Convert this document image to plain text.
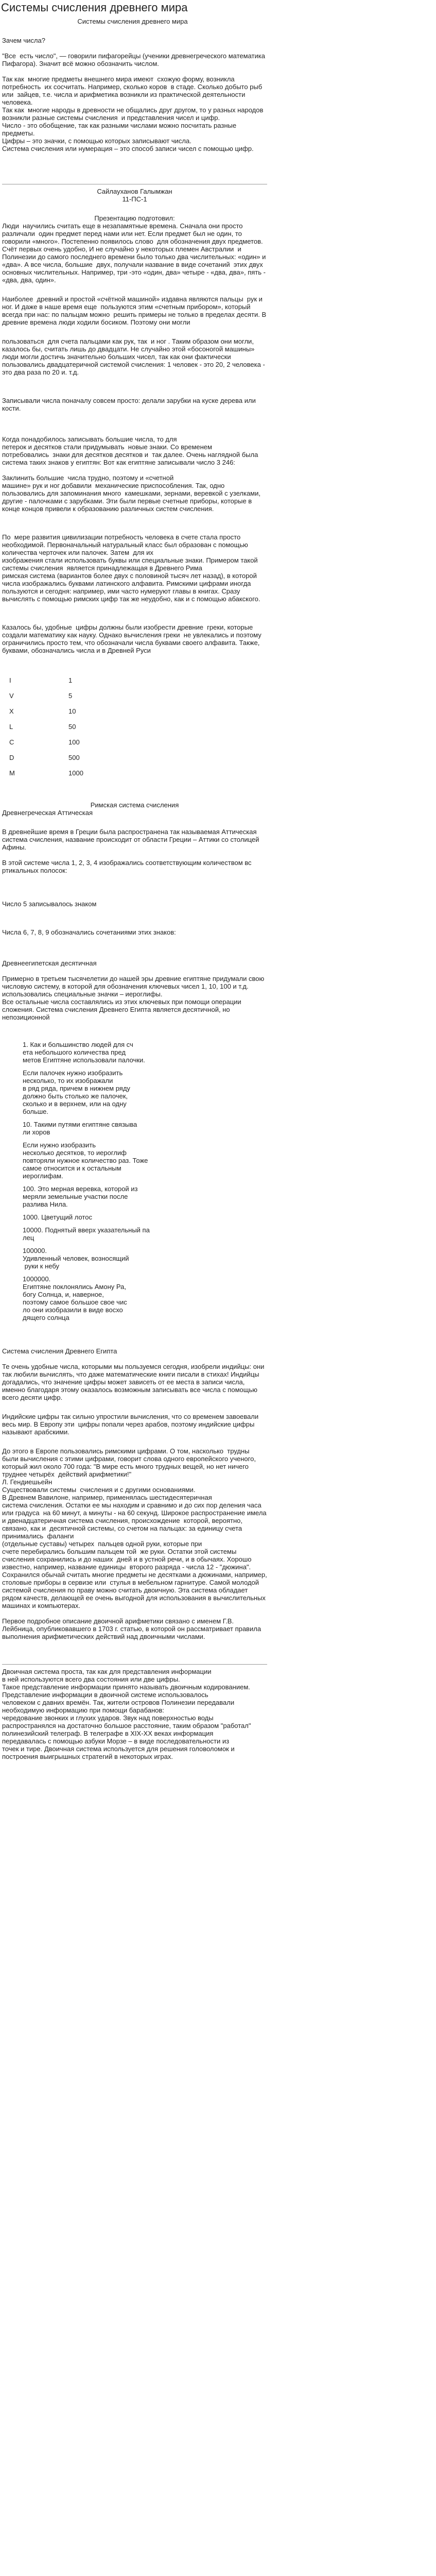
Системы счисления древнего мира
Системы счисления древнего мира

Зачем числа?

"Все  есть число", — говорили пифагорейцы (ученики древнегреческого математика Пифагора). Значит всё можно обозначить числом.

Так как  многие предметы внешнего мира имеют  схожую форму, возникла потребность  их сосчитать. Например, сколько коров  в стаде. Сколько добыто рыб или  зайцев, т.е. числа и арифметика возникли из практической деятельности человека.

Так как  многие народы в древности не общались друг другом, то у разных народов  возникли разные системы счисления  и представления чисел и цифр.

Число - это обобщение, так как разными числами можно посчитать разные предметы.

Цифры – это значки, с помощью которых записывают числа.

Система счисления или нумерация – это способ записи чисел с помощью цифр.

Сайлауханов Галымжан

11-ПС-1

Презентацию подготовил:

Люди  научились считать еще в незапамятные времена. Сначала они просто различали  один предмет перед нами или нет. Если предмет был не один, то говорили «много». Постепенно появилось слово  для обозначения двух предметов. Счёт первых очень удобно, И не случайно у некоторых племен Австралии  и Полинезии до самого последнего времени было только два числительных: «один» и «два». А все числа, большие  двух, получали название в виде сочетаний  этих двух основных числительных. Например, три -это «один, два» четыре - «два, два», пять - «два, два, один».

Наиболее  древний и простой «счётной машиной» издавна являются пальцы  рук и  ног. И даже в наше время еще  пользуются этим «счетным прибором», который  всегда при нас: по пальцам можно  решить примеры не только в пределах десяти. В древние времена люди ходили босиком. Поэтому они могли

пользоваться  для счета пальцами как рук, так  и ног . Таким образом они могли, казалось бы, считать лишь до двадцати. Не случайно этой «босоногой машины»  люди могли достичь значительно больших чисел, так как они фактически пользовались двадцатеричной системой счисления: 1 человек - это 20, 2 человека - это два раза по 20 и. т.д.

Записывали числа поначалу совсем просто: делали зарубки на куске дерева или кости.

Когда понадобилось записывать большие числа, то для
петерок и десятков стали придумывать  новые знаки. Со временем
потребовались  знаки для десятков десятков и  так далее. Очень наглядной была система таких знаков у египтян: Вот как египтяне записывали число 3 246:

Заклинить большие  числа трудно, поэтому и «счетной
машине» рук и ног добавили  механические приспособления. Так, одно
пользовались для запоминания много  камешками, зернами, веревкой с узелками, другие - палочками с зарубками. Эти были первые счетные приборы, которые в конце концов привели к образованию различных систем счисления.

По  мере развития цивилизации потребность человека в счете стала просто необходимой. Первоначальный натуральный класс был образован с помощью количества черточек или палочек. Затем  для их
изображения стали использовать буквы или специальные знаки. Примером такой системы счисления  является принадлежащая в Древнего Рима
римская система (вариантов более двух с половиной тысяч лет назад), в которой числа изображались буквами латинского алфавита. Римскими цифрами иногда пользуются и сегодня: например, ими часто нумеруют главы в книгах. Сразу вычислять с помощью римских цифр так же неудобно, как и с помощью абакского.

Казалось бы, удобные  цифры должны были изобрести древние  греки, которые создали математику как науку. Однако вычисления греки  не увлекались и поэтому ограничились просто тем, что обозначали числа буквами своего алфавита. Также, буквами, обозначались числа и в Древней Руси

I	1
V	5
X	10
L	50
C	100
D	500
M	1000

Римская система счисления

Древнегреческая Аттическая

В древнейшие время в Греции была распространена так называемая Аттическая система счисления, название происходит от области Греции – Аттики со столицей Афины.

В этой системе числа 1, 2, 3, 4 изображались соответствующим количеством вс ртикальных полосок:

Число 5 записывалось знаком

Числа 6, 7, 8, 9 обозначались сочетаниями этих знаков:

Древнеегипетская десятичная

Примерно в третьем тысячелетии до нашей эры древние египтяне придумали свою числовую систему, в которой для обозначения ключевых чисел 1, 10, 100 и т.д. использовались специальные значки – иероглифы.

Все остальные числа составлялись из этих ключевых при помощи операции сложения. Система счисления Древнего Египта является десятичной, но непозиционной

1. Как и большинство людей для сч
ета небольшого количества пред
метов Египтяне использовали палочки.

Если палочек нужно изобразить
несколько, то их изображали
в ряд ряда, причем в нижнем ряду
должно быть столько же палочек,
сколько и в верхнем, или на одну
больше.

10. Такими путями египтяне связыва
ли хоров

Если нужно изобразить
несколько десятков, то иероглиф
повторяли нужное количество раз. Тоже
самое относится и к остальным
иероглифам.

100. Это мерная веревка, которой из
меряли земельные участки после
разлива Нила.

1000. Цветущий лотос

10000. Поднятый вверх указательный па
лец

100000.
Удивленный человек, возносящий
руки к небу

1000000.
Египтяне поклонялись Амону Ра,
богу Солнца, и, наверное,
поэтому самое большое свое чис
ло они изобразили в виде восхо
дящего солнца

Система счисления Древнего Египта

Те очень удобные числа, которыми мы пользуемся сегодня, изобрели индийцы: они так любили вычислять, что даже математические книги писали в стихах! Индийцы догадались, что значение цифры может зависеть от ее места в записи числа, именно благодаря этому оказалось возможным записывать все числа с помощью всего десяти цифр.

Индийские цифры так сильно упростили вычисления, что со временем завоевали весь мир. В Европу эти  цифры попали через арабов, поэтому индийские цифры называют арабскими.

До этого в Европе пользовались римскими цифрами. О том, насколько  трудны были вычисления с этими цифрами, говорит слова одного европейского ученого, который жил около 700 года: "В мире есть много трудных вещей, но нет ничего труднее четырёх  действий арифметики!"

Л. Гендиешьейн

Существовали системы  счисления и с другими основаниями.

В Древнем Вавилоне, например, применялась шестидесятеричная
система счисления. Остатки ее мы находим и сравнимо и до сих пор деления часа или градуса  на 60 минут, а минуты - на 60 секунд. Широкое распространение имела и двенадцатеричная система счисления, происхождение  которой, вероятно, связано, как и  десятичной системы, со счетом на пальцах: за единицу счета принимались  фаланги
(отдельные суставы) четырех  пальцев одной руки, которые при
счете перебирались большим пальцем той  же руки. Остатки этой системы счисления сохранились и до наших  дней и в устной речи, и в обычаях. Хорошо известно, например, название единицы  второго разряда - числа 12 - "дюжина". Сохранился обычай считать многие предметы не десятками а дюжинами, например, столовые приборы в сервизе или  стулья в мебельном гарнитуре. Самой молодой системой счисления по праву можно считать двоичную. Эта система обладает рядом качеств, делающей ее очень выгодной для использования в вычислительных машинах и компьютерах.

Первое подробное описание двоичной арифметики связано с именем Г.В. Лейбница, опубликовавшего в 1703 г. статью, в которой он рассматривает правила выполнения арифметических действий над двоичными числами.

Двоичная система проста, так как для представления информации
в ней используются всего два состояния или две цифры.
Такое представление информации принято называть двоичным кодированием.
Представление информации в двоичной системе использовалось
человеком с давних времён. Так, жители островов Полинезии передавали
необходимую информацию при помощи барабанов:
чередование звонких и глухих ударов. Звук над поверхностью воды
распространялся на достаточно большое расстояние, таким образом "работал"
полинезийский телеграф. В телеграфе в XIX-XX веках информация
передавалась с помощью азбуки Морзе – в виде последовательности из
точек и тире. Двоичная система используется для решения головоломок и построения выигрышных стратегий в некоторых играх.
